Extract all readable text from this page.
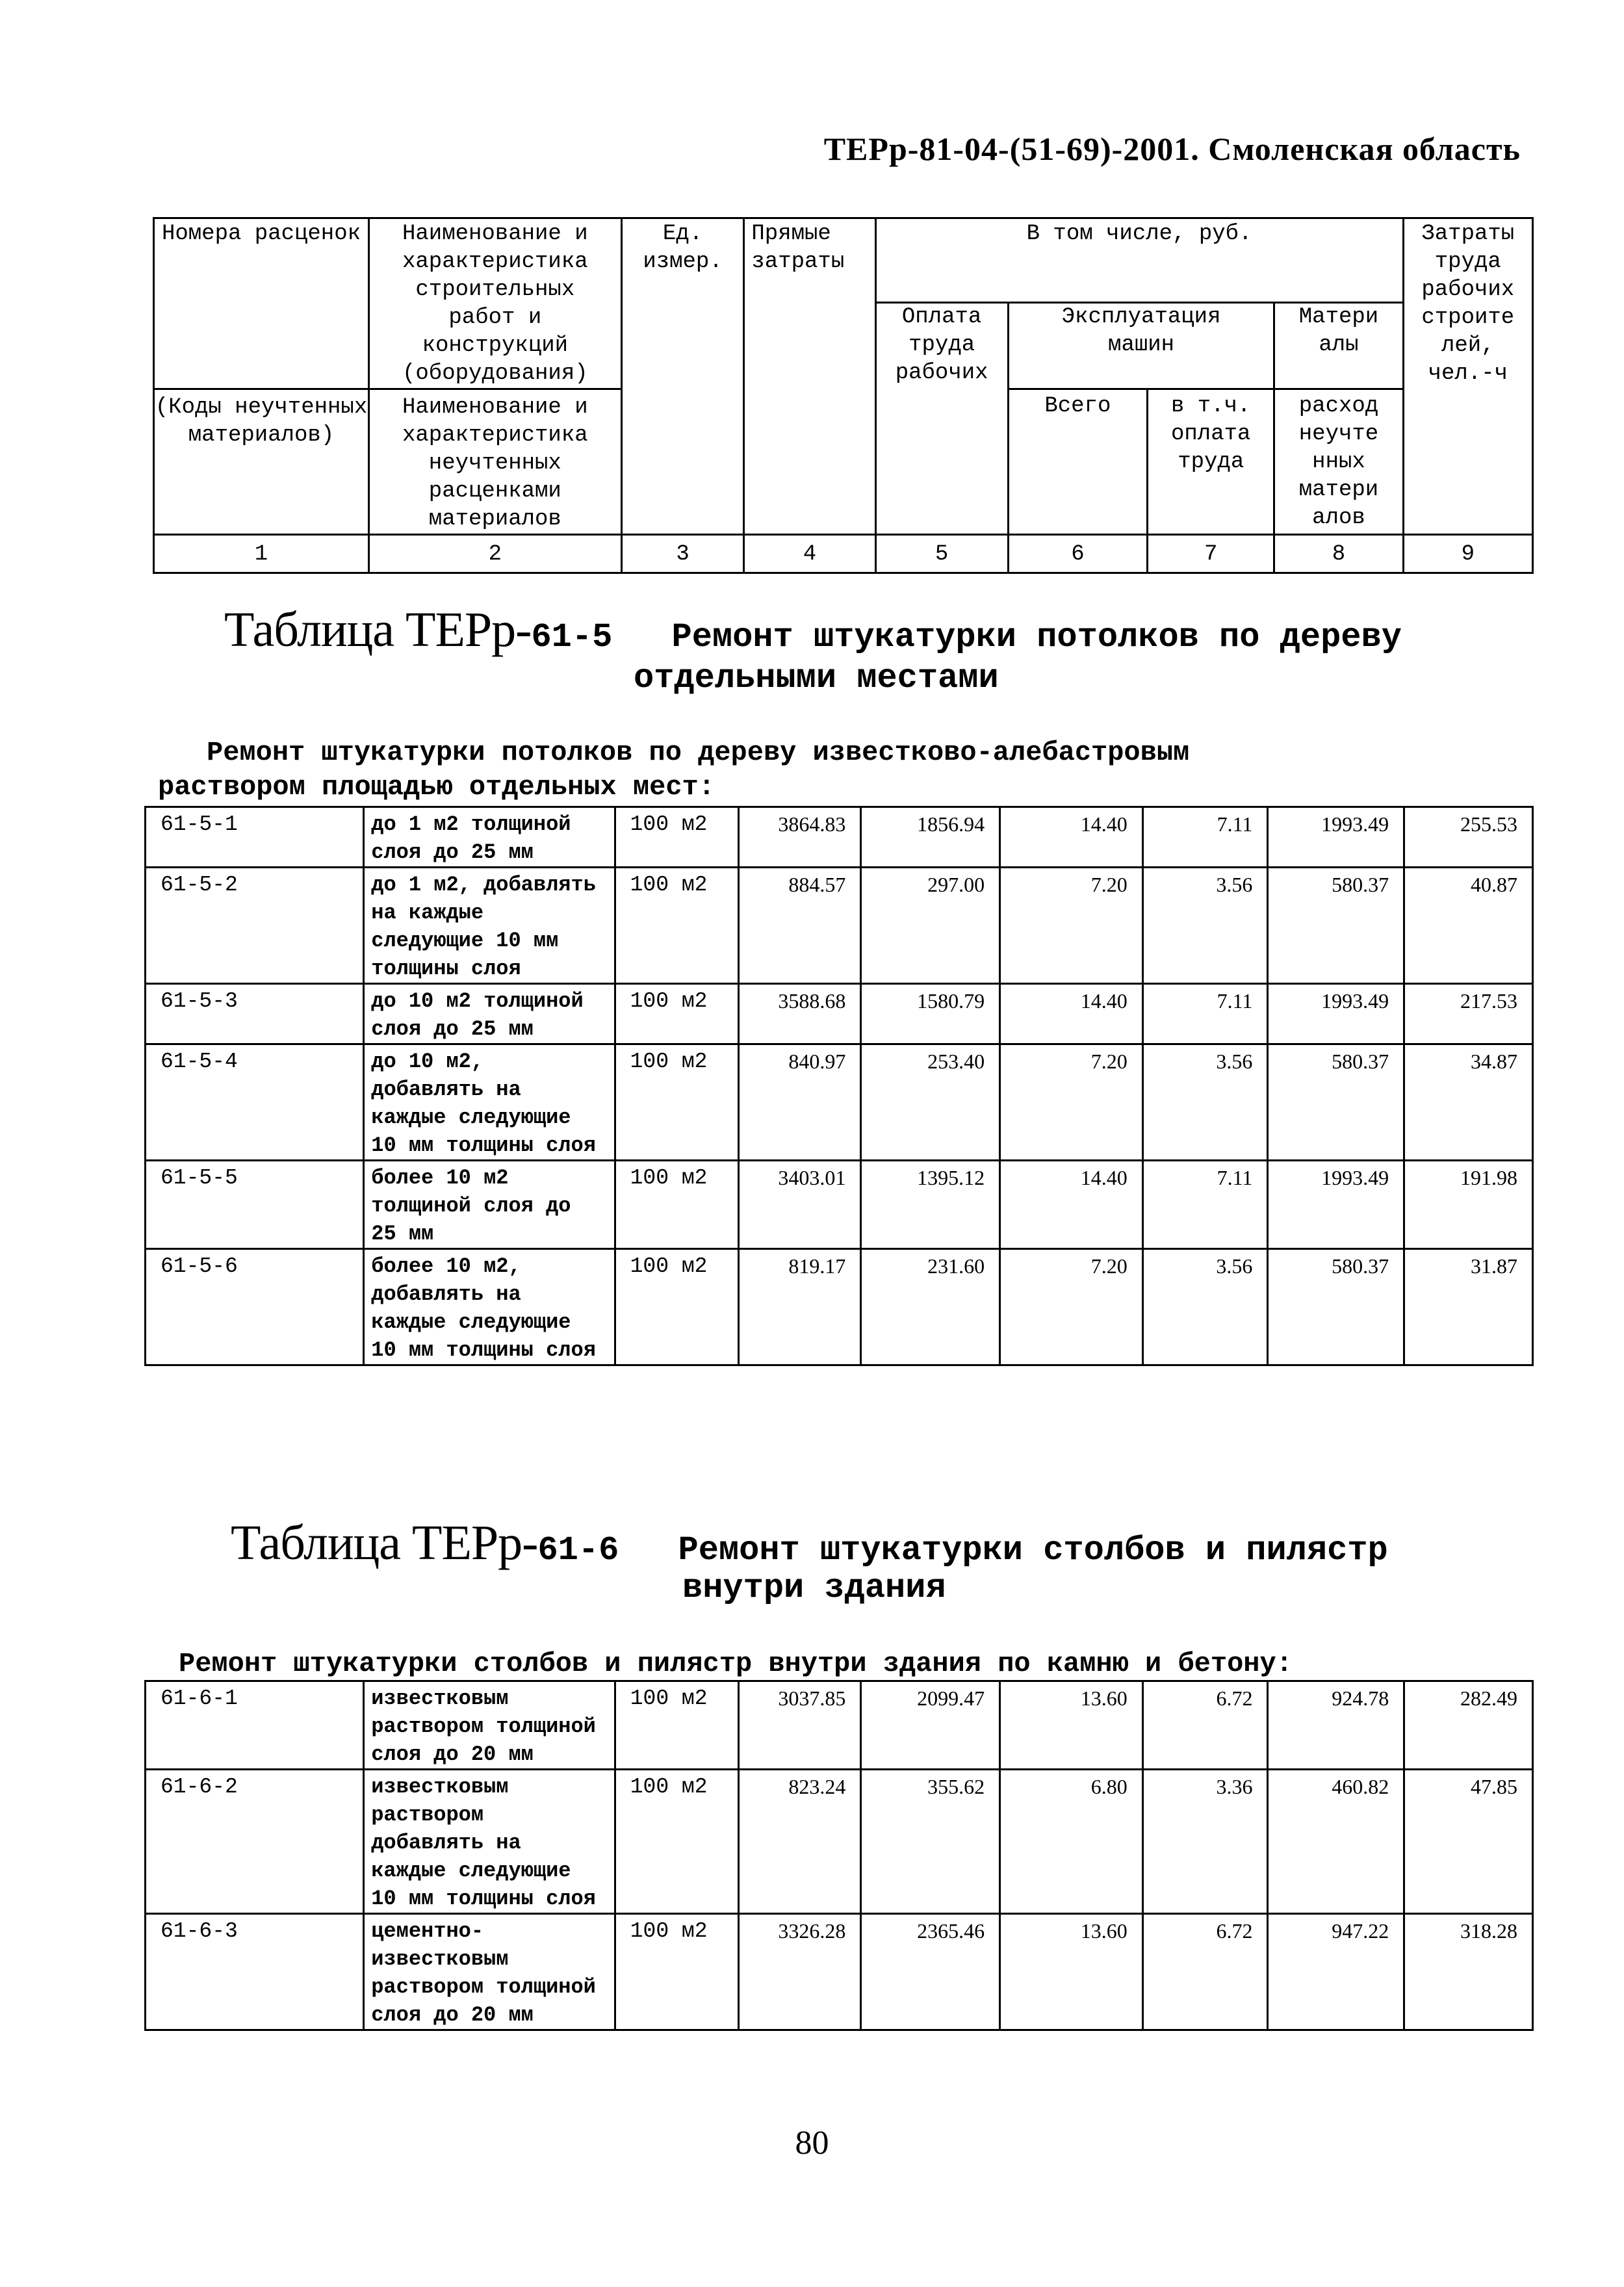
ТЕРр-81-04-(51-69)-2001. Смоленская область
Номера расценок	Наименование и характеристика строительных работ и конструкций (оборудования)	Ед. измер.	Прямые затраты	В том числе, руб.				Затраты труда рабочих строите лей, чел.-ч
				Оплата труда рабочих	Эксплуатация машин		Матери алы	
(Коды неучтенных материалов)	Наименование и характеристика неучтенных расценками материалов				Всего	в т.ч. оплата труда	расход неучте нных матери алов	

1	2	3	4	5	6	7	8	9
Таблица ТЕРр-61-5 Ремонт штукатурки потолков по дереву
отдельными местами
Ремонт штукатурки потолков по дереву известково-алебастровым
раствором площадью отдельных мест:
61-5-1	до 1 м2 толщиной слоя до 25 мм	100 м2	3864.83	1856.94	14.40	7.11	1993.49	255.53
61-5-2	до 1 м2, добавлять на каждые следующие 10 мм толщины слоя	100 м2	884.57	297.00	7.20	3.56	580.37	40.87
61-5-3	до 10 м2 толщиной слоя до 25 мм	100 м2	3588.68	1580.79	14.40	7.11	1993.49	217.53
61-5-4	до 10 м2, добавлять на каждые следующие 10 мм толщины слоя	100 м2	840.97	253.40	7.20	3.56	580.37	34.87
61-5-5	более 10 м2 толщиной слоя до 25 мм	100 м2	3403.01	1395.12	14.40	7.11	1993.49	191.98
61-5-6	более 10 м2, добавлять на каждые следующие 10 мм толщины слоя	100 м2	819.17	231.60	7.20	3.56	580.37	31.87
Таблица ТЕРр-61-6 Ремонт штукатурки столбов и пилястр
внутри здания
Ремонт штукатурки столбов и пилястр внутри здания по камню и бетону:
61-6-1	известковым раствором толщиной слоя до 20 мм	100 м2	3037.85	2099.47	13.60	6.72	924.78	282.49
61-6-2	известковым раствором добавлять на каждые следующие 10 мм толщины слоя	100 м2	823.24	355.62	6.80	3.36	460.82	47.85
61-6-3	цементно-известковым раствором толщиной слоя до 20 мм	100 м2	3326.28	2365.46	13.60	6.72	947.22	318.28
80
